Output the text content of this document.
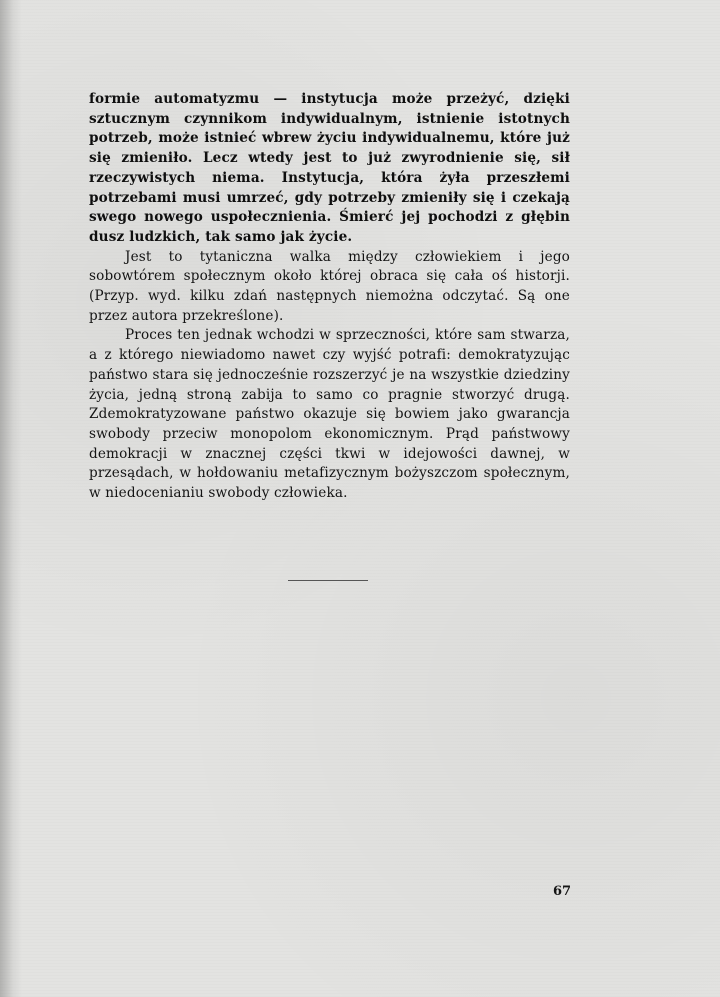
formie automatyzmu — instytucja może przeżyć, dzięki sztucznym czynnikom indywidualnym, istnienie istotnych potrzeb, może istnieć wbrew życiu indywidualnemu, które już się zmieniło. Lecz wtedy jest to już zwyrodnienie się, sił rzeczywistych niema. Instytucja, która żyła przeszłemi potrzebami musi umrzeć, gdy potrzeby zmieniły się i czekają swego nowego uspołecznienia. Śmierć jej pochodzi z głębin dusz ludzkich, tak samo jak życie.

Jest to tytaniczna walka między człowiekiem i jego sobowtórem społecznym około której obraca się cała oś historji. (Przyp. wyd. kilku zdań następnych niemożna odczytać. Są one przez autora przekreślone).

Proces ten jednak wchodzi w sprzeczności, które sam stwarza, a z którego niewiadomo nawet czy wyjść potrafi: demokratyzując państwo stara się jednocześnie rozszerzyć je na wszystkie dziedziny życia, jedną stroną zabija to samo co pragnie stworzyć drugą. Zdemokratyzowane państwo okazuje się bowiem jako gwarancja swobody przeciw monopolom ekonomicznym. Prąd państwowy demokracji w znacznej części tkwi w idejowości dawnej, w przesądach, w hołdowaniu metafizycznym bożyszczom społecznym, w niedocenianiu swobody człowieka.

67
